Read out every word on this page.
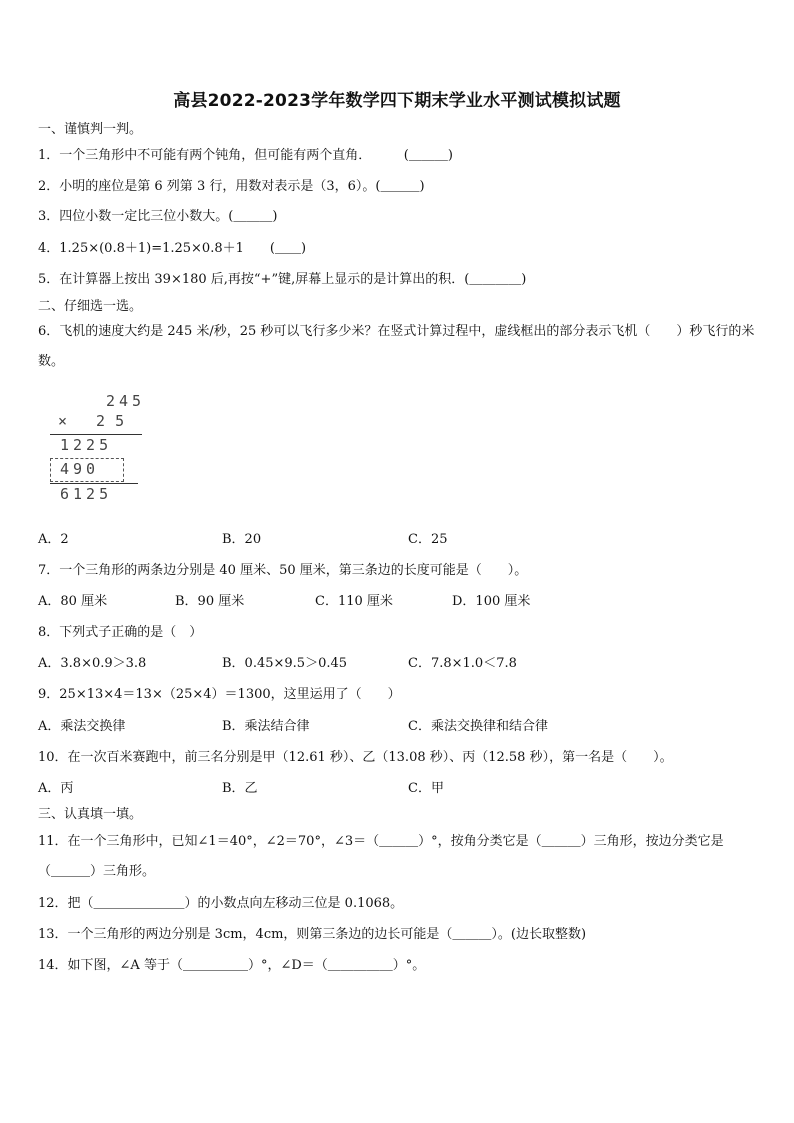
高县2022-2023学年数学四下期末学业水平测试模拟试题
一、谨慎判一判。
1．一个三角形中不可能有两个钝角，但可能有两个直角．　　　(＿＿＿)
2．小明的座位是第 6 列第 3 行，用数对表示是（3，6）。(＿＿＿)
3．四位小数一定比三位小数大。(＿＿＿)
4．1.25×(0.8＋1)=1.25×0.8＋1　　(＿＿)
5．在计算器上按出 39×180 后,再按“+”键,屏幕上显示的是计算出的积．(＿＿＿＿)
二、仔细选一选。
6．飞机的速度大约是 245 米/秒，25 秒可以飞行多少米？在竖式计算过程中，虚线框出的部分表示飞机（　　）秒飞行的米数。
245
× 25
1225
490
6125
A．2	B．20	C．25
7．一个三角形的两条边分别是 40 厘米、50 厘米，第三条边的长度可能是（　　）。
A．80 厘米	B．90 厘米	C．110 厘米	D．100 厘米
8．下列式子正确的是（　）
A．3.8×0.9＞3.8	B．0.45×9.5＞0.45	C．7.8×1.0＜7.8
9．25×13×4＝13×（25×4）＝1300，这里运用了（　　）
A．乘法交换律	B．乘法结合律	C．乘法交换律和结合律
10．在一次百米赛跑中，前三名分别是甲（12.61 秒）、乙（13.08 秒）、丙（12.58 秒），第一名是（　　）。
A．丙	B．乙	C．甲
三、认真填一填。
11．在一个三角形中，已知∠1＝40°，∠2＝70°，∠3＝（＿＿＿）°，按角分类它是（＿＿＿）三角形，按边分类它是
（＿＿＿）三角形。
12．把（＿＿＿＿＿＿＿）的小数点向左移动三位是 0.1068。
13．一个三角形的两边分别是 3cm，4cm，则第三条边的边长可能是（＿＿＿）。(边长取整数)
14．如下图，∠A 等于（＿＿＿＿＿）°，∠D＝（＿＿＿＿＿）°。
